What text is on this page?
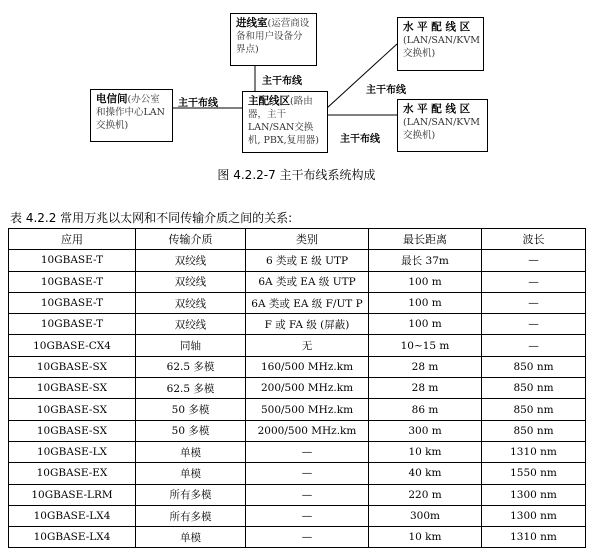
进线室(运营商设备和用户设备分界点)
电信间(办公室和操作中心LAN交换机)
主配线区(路由器，主干LAN/SAN交换机, PBX,复用器)
水 平 配 线 区
(LAN/SAN/KVM交换机)
水 平 配 线 区
(LAN/SAN/KVM交换机)
主干布线
主干布线
主干布线
主干布线
图 4.2.2-7 主干布线系统构成
表 4.2.2 常用万兆以太网和不同传输介质之间的关系:
应用	传输介质	类别	最长距离	波长
10GBASE-T	双绞线	6 类或 E 级 UTP	最长 37m	—
10GBASE-T	双绞线	6A 类或 EA 级 UTP	100 m	—
10GBASE-T	双绞线	6A 类或 EA 级 F/UT P	100 m	—
10GBASE-T	双绞线	F 或 FA 级 (屏蔽)	100 m	—
10GBASE-CX4	同轴	无	10~15 m	—
10GBASE-SX	62.5 多模	160/500 MHz.km	28 m	850 nm
10GBASE-SX	62.5 多模	200/500 MHz.km	28 m	850 nm
10GBASE-SX	50 多模	500/500 MHz.km	86 m	850 nm
10GBASE-SX	50 多模	2000/500 MHz.km	300 m	850 nm
10GBASE-LX	单模	—	10 km	1310 nm
10GBASE-EX	单模	—	40 km	1550 nm
10GBASE-LRM	所有多模	—	220 m	1300 nm
10GBASE-LX4	所有多模	—	300m	1300 nm
10GBASE-LX4	单模	—	10 km	1310 nm
